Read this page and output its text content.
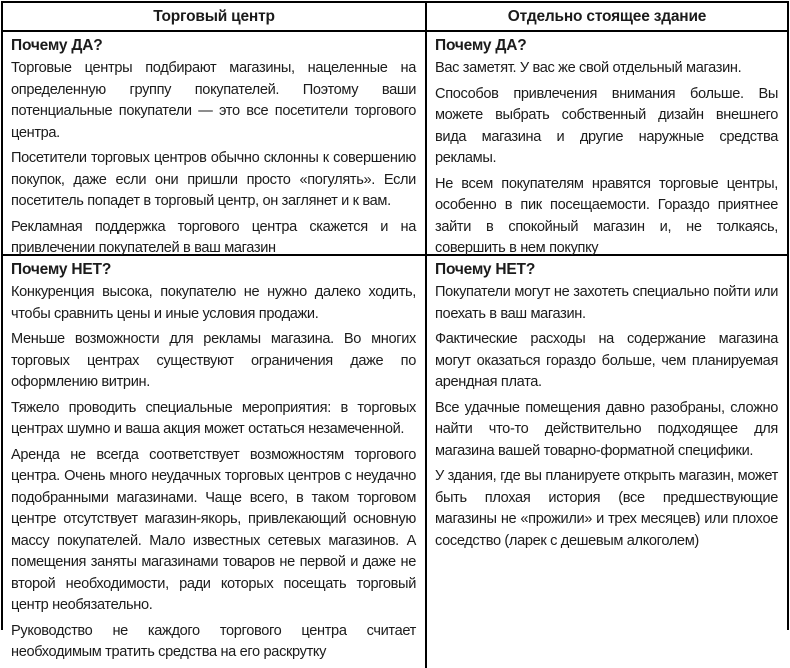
Торговый центр	Отдельно стоящее здание
Почему ДА?

Торговые центры подбирают магазины, нацеленные на определенную группу покупателей. Поэтому ваши потенциальные покупатели — это все посетители торгового центра.

Посетители торговых центров обычно склонны к совершению покупок, даже если они пришли просто «погулять». Если посетитель попадет в торговый центр, он заглянет и к вам.

Рекламная поддержка торгового центра скажется и на привлечении покупателей в ваш магазин

Почему ДА?

Вас заметят. У вас же свой отдельный магазин.

Способов привлечения внимания больше. Вы можете выбрать собственный дизайн внешнего вида магазина и другие наружные средства рекламы.

Не всем покупателям нравятся торговые центры, особенно в пик посещаемости. Гораздо приятнее зайти в спокойный магазин и, не толкаясь, совершить в нем покупку

Почему НЕТ?

Конкуренция высока, покупателю не нужно далеко ходить, чтобы сравнить цены и иные условия продажи.

Меньше возможности для рекламы магазина. Во многих торговых центрах существуют ограничения даже по оформлению витрин.

Тяжело проводить специальные мероприятия: в торговых центрах шумно и ваша акция может остаться незамеченной.

Аренда не всегда соответствует возможностям торгового центра. Очень много неудачных торговых центров с неудачно подобранными магазинами. Чаще всего, в таком торговом центре отсутствует магазин-якорь, привлекающий основную массу покупателей. Мало известных сетевых магазинов. А помещения заняты магазинами товаров не первой и даже не второй необходимости, ради которых посещать торговый центр необязательно.

Руководство не каждого торгового центра считает необходимым тратить средства на его раскрутку

Почему НЕТ?

Покупатели могут не захотеть специально пойти или поехать в ваш магазин.

Фактические расходы на содержание магазина могут оказаться гораздо больше, чем планируемая арендная плата.

Все удачные помещения давно разобраны, сложно найти что-то действительно подходящее для магазина вашей товарно-форматной специфики.

У здания, где вы планируете открыть магазин, может быть плохая история (все предшествующие магазины не «прожили» и трех месяцев) или плохое соседство (ларек с дешевым алкоголем)
